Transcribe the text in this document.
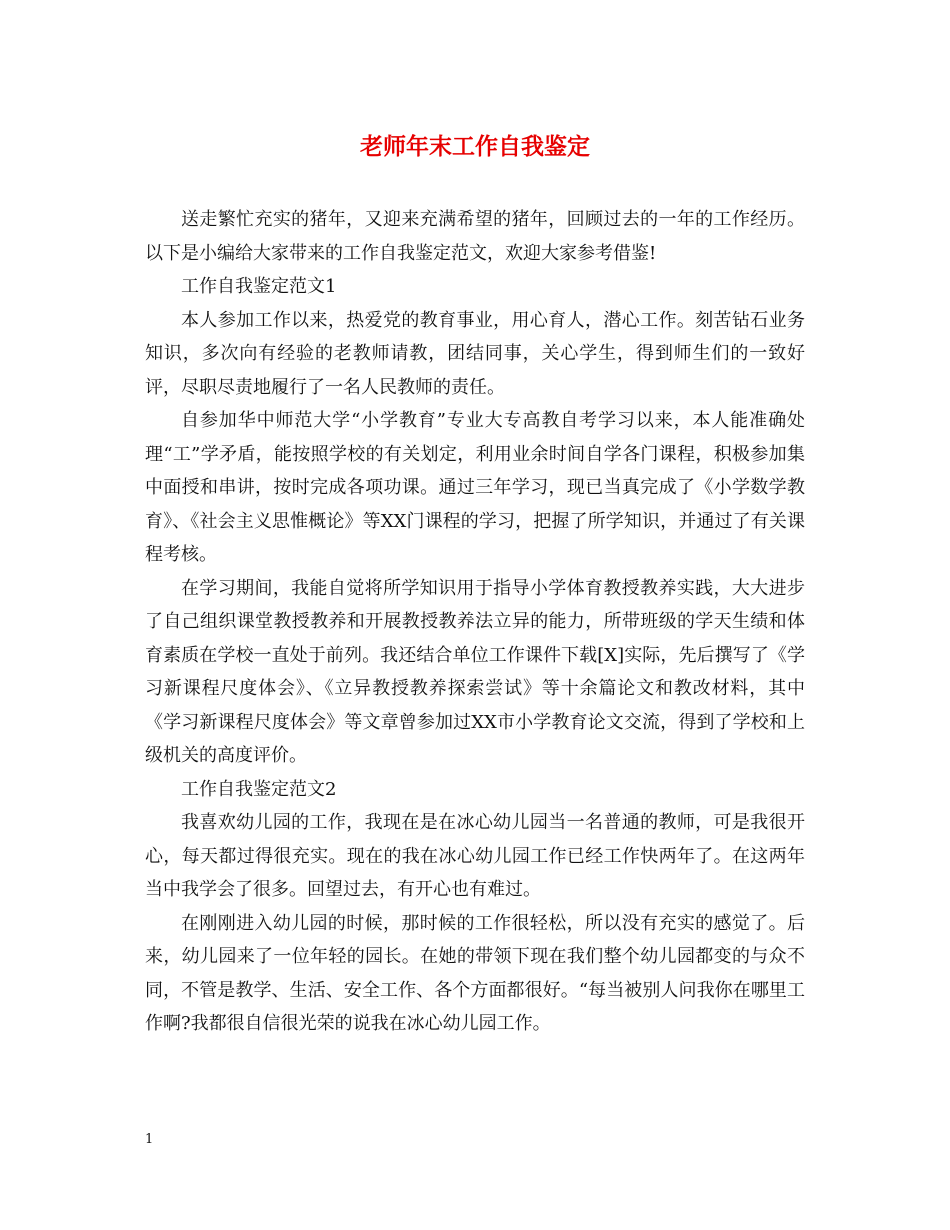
老师年末工作自我鉴定

送走繁忙充实的猪年，又迎来充满希望的猪年，回顾过去的一年的工作经历。以下是小编给大家带来的工作自我鉴定范文，欢迎大家参考借鉴!

工作自我鉴定范文1

本人参加工作以来，热爱党的教育事业，用心育人，潜心工作。刻苦钻石业务知识，多次向有经验的老教师请教，团结同事，关心学生，得到师生们的一致好评，尽职尽责地履行了一名人民教师的责任。

自参加华中师范大学“小学教育”专业大专高教自考学习以来，本人能准确处理“工”学矛盾，能按照学校的有关划定，利用业余时间自学各门课程，积极参加集中面授和串讲，按时完成各项功课。通过三年学习，现已当真完成了《小学数学教育》、《社会主义思惟概论》等XX门课程的学习，把握了所学知识，并通过了有关课程考核。

在学习期间，我能自觉将所学知识用于指导小学体育教授教养实践，大大进步了自己组织课堂教授教养和开展教授教养法立异的能力，所带班级的学天生绩和体育素质在学校一直处于前列。我还结合单位工作课件下载[X]实际，先后撰写了《学习新课程尺度体会》、《立异教授教养探索尝试》等十余篇论文和教改材料，其中《学习新课程尺度体会》等文章曾参加过XX市小学教育论文交流，得到了学校和上级机关的高度评价。

工作自我鉴定范文2

我喜欢幼儿园的工作，我现在是在冰心幼儿园当一名普通的教师，可是我很开心，每天都过得很充实。现在的我在冰心幼儿园工作已经工作快两年了。在这两年当中我学会了很多。回望过去，有开心也有难过。

在刚刚进入幼儿园的时候，那时候的工作很轻松，所以没有充实的感觉了。后来，幼儿园来了一位年轻的园长。在她的带领下现在我们整个幼儿园都变的与众不同，不管是教学、生活、安全工作、各个方面都很好。“每当被别人问我你在哪里工作啊?我都很自信很光荣的说我在冰心幼儿园工作。

1
